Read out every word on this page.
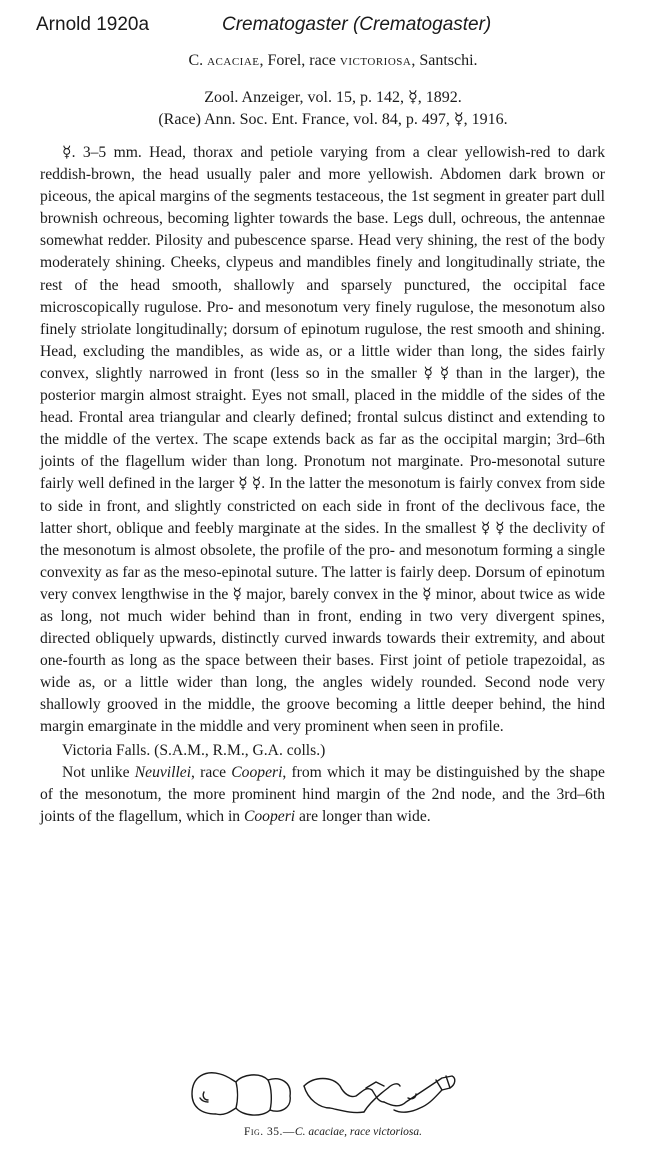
Arnold 1920a	Crematogaster (Crematogaster)
C. acaciae, Forel, race victoriosa, Santschi.
Zool. Anzeiger, vol. 15, p. 142, ☿, 1892.
(Race) Ann. Soc. Ent. France, vol. 84, p. 497, ☿, 1916.

☿. 3–5 mm. Head, thorax and petiole varying from a clear yellowish-red to dark reddish-brown, the head usually paler and more yellowish. Abdomen dark brown or piceous, the apical margins of the segments testaceous, the 1st segment in greater part dull brownish ochreous, becoming lighter towards the base. Legs dull, ochreous, the antennae somewhat redder. Pilosity and pubescence sparse. Head very shining, the rest of the body moderately shining. Cheeks, clypeus and mandibles finely and longitudinally striate, the rest of the head smooth, shallowly and sparsely punctured, the occipital face microscopically rugulose. Pro- and mesonotum very finely rugulose, the mesonotum also finely striolate longitudinally; dorsum of epinotum rugulose, the rest smooth and shining. Head, excluding the mandibles, as wide as, or a little wider than long, the sides fairly convex, slightly narrowed in front (less so in the smaller ☿ ☿ than in the larger), the posterior margin almost straight. Eyes not small, placed in the middle of the sides of the head. Frontal area triangular and clearly defined; frontal sulcus distinct and extending to the middle of the vertex. The scape extends back as far as the occipital margin; 3rd–6th joints of the flagellum wider than long. Pronotum not marginate. Pro-mesonotal suture fairly well defined in the larger ☿ ☿. In the latter the mesonotum is fairly convex from side to side in front, and slightly constricted on each side in front of the declivous face, the latter short, oblique and feebly marginate at the sides. In the smallest ☿ ☿ the declivity of the mesonotum is almost obsolete, the profile of the pro- and mesonotum forming a single convexity as far as the meso-epinotal suture. The latter is fairly deep. Dorsum of epinotum very convex lengthwise in the ☿ major, barely convex in the ☿ minor, about twice as wide as long, not much wider behind than in front, ending in two very divergent spines, directed obliquely upwards, distinctly curved inwards towards their extremity, and about one-fourth as long as the space between their bases. First joint of petiole trapezoidal, as wide as, or a little wider than long, the angles widely rounded. Second node very shallowly grooved in the middle, the groove becoming a little deeper behind, the hind margin emarginate in the middle and very prominent when seen in profile.

Victoria Falls. (S.A.M., R.M., G.A. colls.)

Not unlike Neuvillei, race Cooperi, from which it may be distinguished by the shape of the mesonotum, the more prominent hind margin of the 2nd node, and the 3rd–6th joints of the flagellum, which in Cooperi are longer than wide.

Fig. 35.—C. acaciae, race victoriosa.
